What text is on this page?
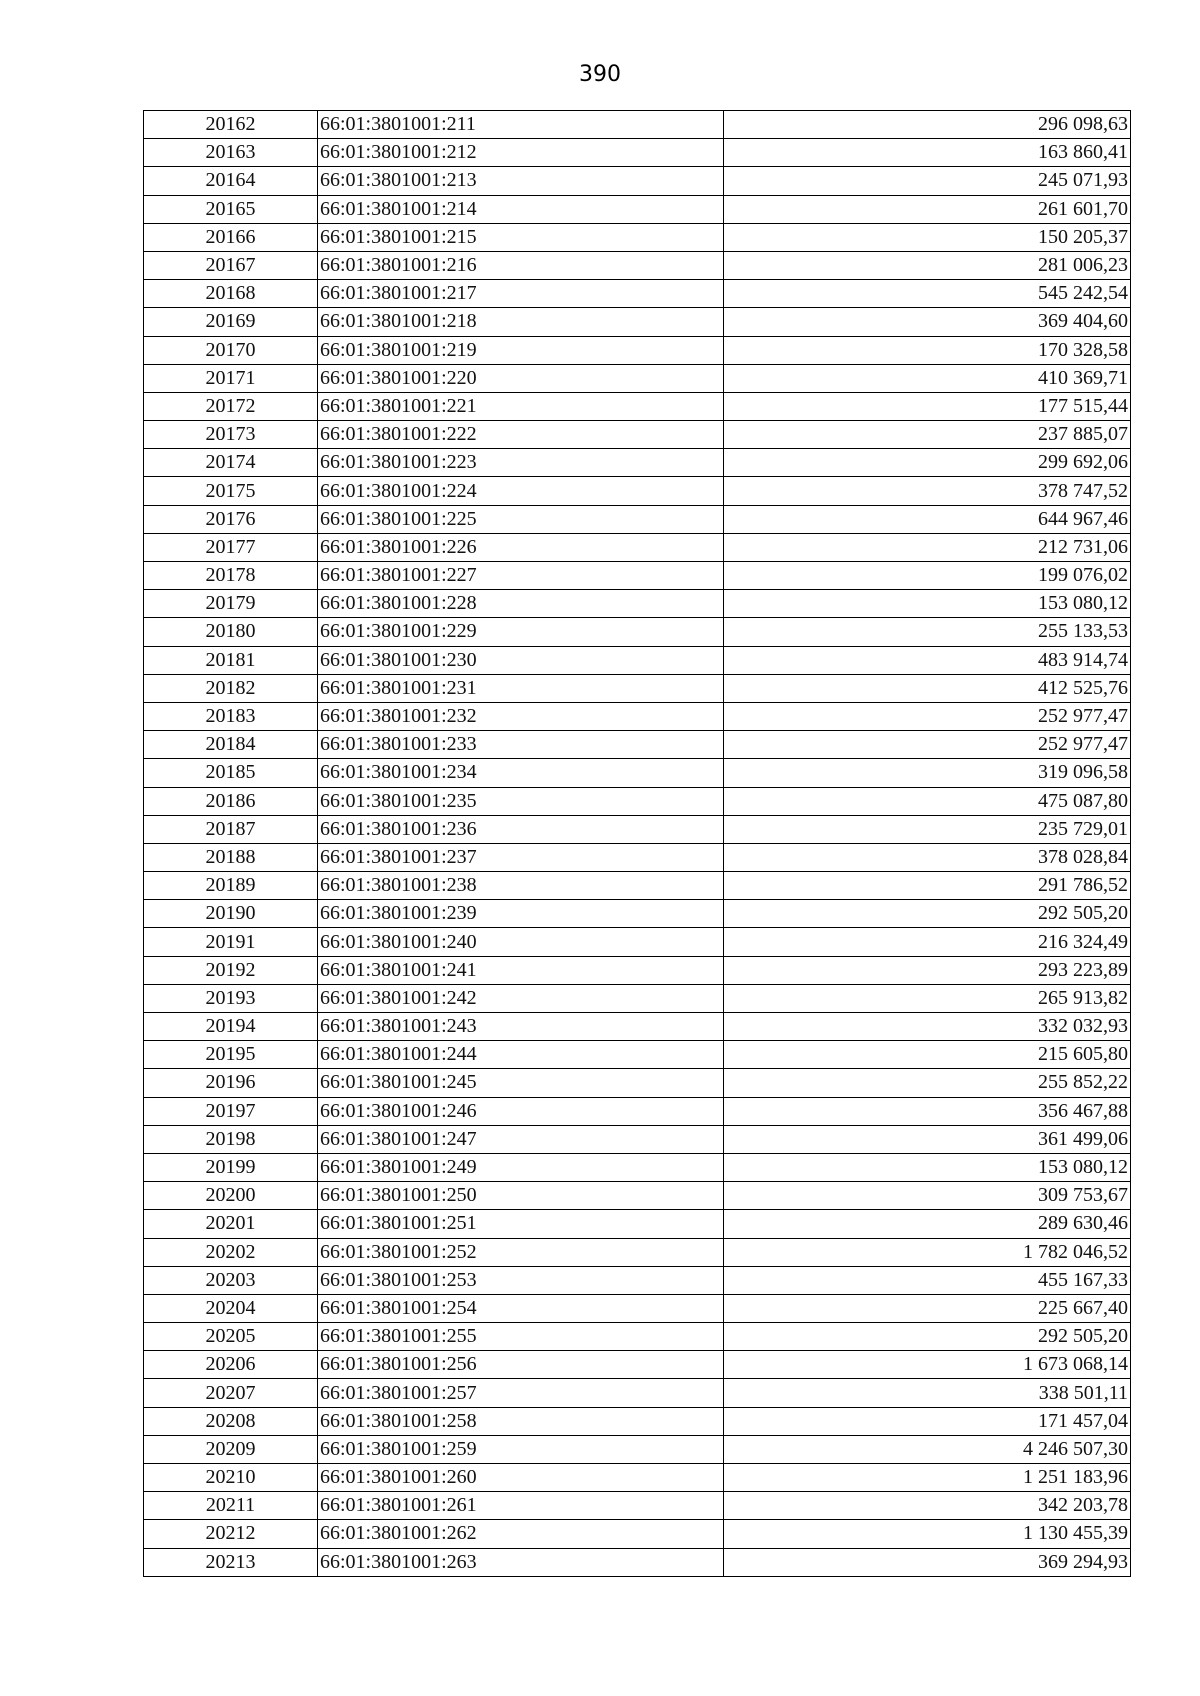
390
20162	66:01:3801001:211	296 098,63
20163	66:01:3801001:212	163 860,41
20164	66:01:3801001:213	245 071,93
20165	66:01:3801001:214	261 601,70
20166	66:01:3801001:215	150 205,37
20167	66:01:3801001:216	281 006,23
20168	66:01:3801001:217	545 242,54
20169	66:01:3801001:218	369 404,60
20170	66:01:3801001:219	170 328,58
20171	66:01:3801001:220	410 369,71
20172	66:01:3801001:221	177 515,44
20173	66:01:3801001:222	237 885,07
20174	66:01:3801001:223	299 692,06
20175	66:01:3801001:224	378 747,52
20176	66:01:3801001:225	644 967,46
20177	66:01:3801001:226	212 731,06
20178	66:01:3801001:227	199 076,02
20179	66:01:3801001:228	153 080,12
20180	66:01:3801001:229	255 133,53
20181	66:01:3801001:230	483 914,74
20182	66:01:3801001:231	412 525,76
20183	66:01:3801001:232	252 977,47
20184	66:01:3801001:233	252 977,47
20185	66:01:3801001:234	319 096,58
20186	66:01:3801001:235	475 087,80
20187	66:01:3801001:236	235 729,01
20188	66:01:3801001:237	378 028,84
20189	66:01:3801001:238	291 786,52
20190	66:01:3801001:239	292 505,20
20191	66:01:3801001:240	216 324,49
20192	66:01:3801001:241	293 223,89
20193	66:01:3801001:242	265 913,82
20194	66:01:3801001:243	332 032,93
20195	66:01:3801001:244	215 605,80
20196	66:01:3801001:245	255 852,22
20197	66:01:3801001:246	356 467,88
20198	66:01:3801001:247	361 499,06
20199	66:01:3801001:249	153 080,12
20200	66:01:3801001:250	309 753,67
20201	66:01:3801001:251	289 630,46
20202	66:01:3801001:252	1 782 046,52
20203	66:01:3801001:253	455 167,33
20204	66:01:3801001:254	225 667,40
20205	66:01:3801001:255	292 505,20
20206	66:01:3801001:256	1 673 068,14
20207	66:01:3801001:257	338 501,11
20208	66:01:3801001:258	171 457,04
20209	66:01:3801001:259	4 246 507,30
20210	66:01:3801001:260	1 251 183,96
20211	66:01:3801001:261	342 203,78
20212	66:01:3801001:262	1 130 455,39
20213	66:01:3801001:263	369 294,93
